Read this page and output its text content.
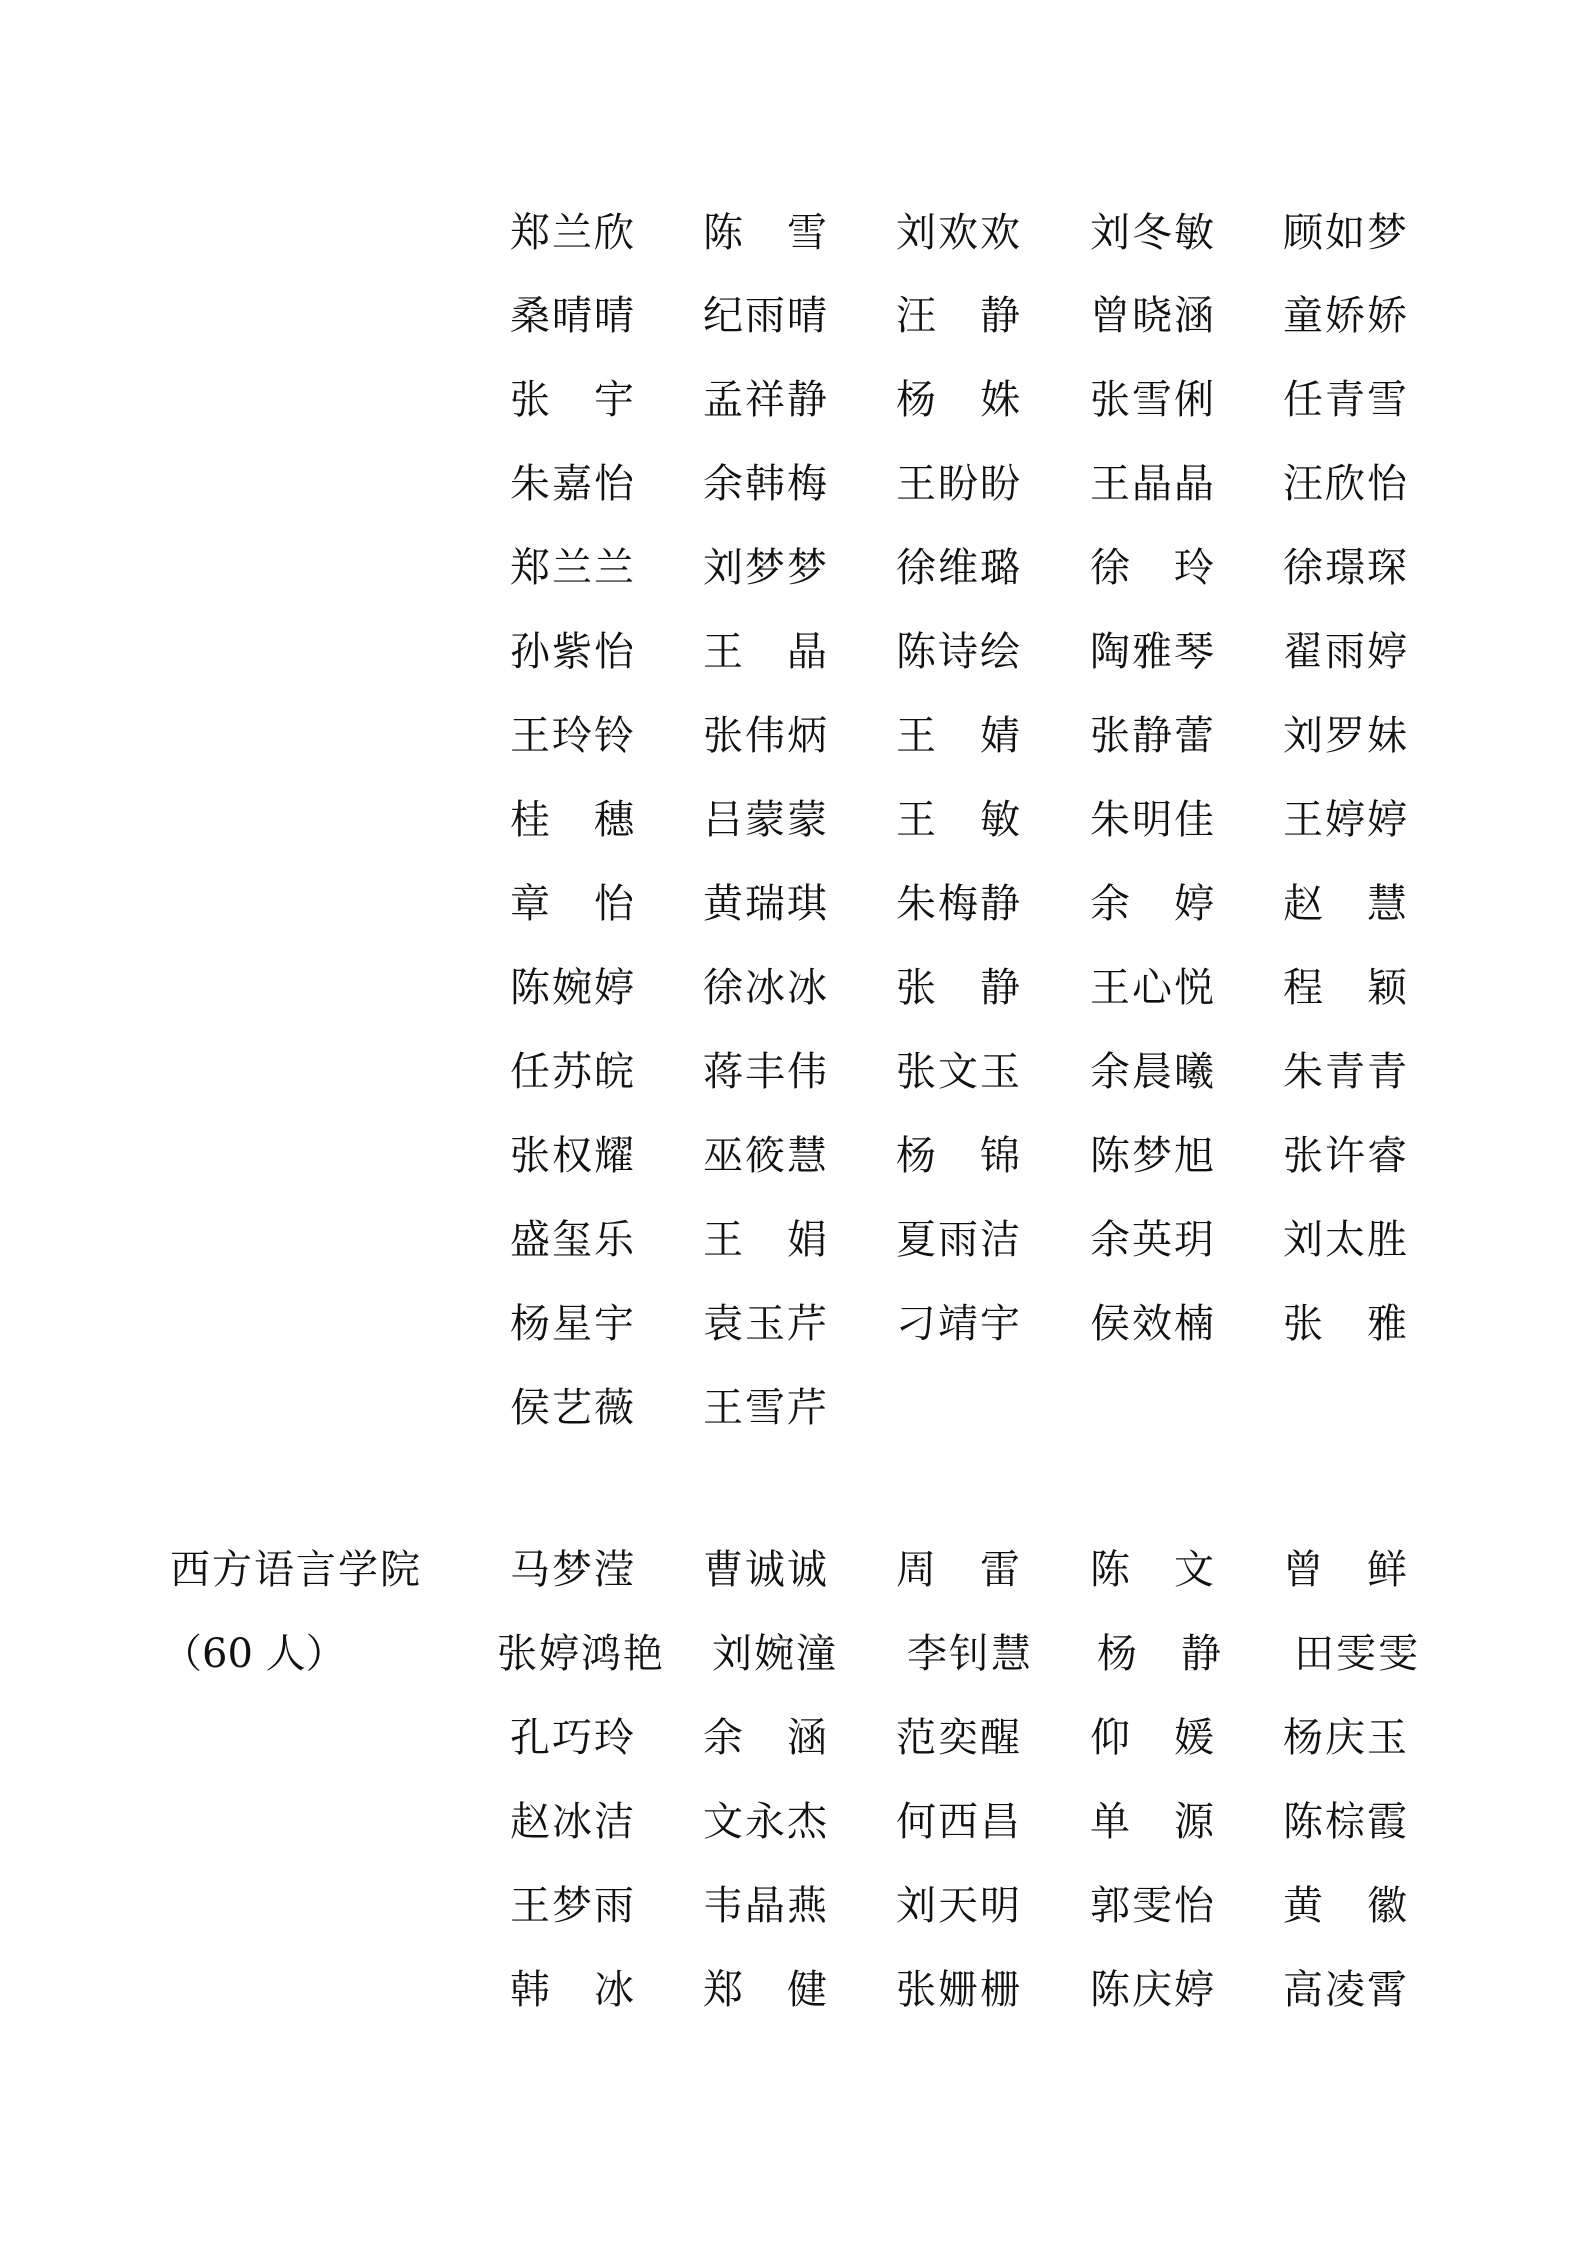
郑兰欣 陈　雪 刘欢欢 刘冬敏 顾如梦
桑晴晴 纪雨晴 汪　静 曾晓涵 童娇娇
张　宇 孟祥静 杨　姝 张雪俐 任青雪
朱嘉怡 余韩梅 王盼盼 王晶晶 汪欣怡
郑兰兰 刘梦梦 徐维璐 徐　玲 徐璟琛
孙紫怡 王　晶 陈诗绘 陶雅琴 翟雨婷
王玲铃 张伟炳 王　婧 张静蕾 刘罗妹
桂　穗 吕蒙蒙 王　敏 朱明佳 王婷婷
章　怡 黄瑞琪 朱梅静 余　婷 赵　慧
陈婉婷 徐冰冰 张　静 王心悦 程　颖
任苏皖 蒋丰伟 张文玉 余晨曦 朱青青
张权耀 巫筱慧 杨　锦 陈梦旭 张许睿
盛玺乐 王　娟 夏雨洁 余英玥 刘太胜
杨星宇 袁玉芹 刁靖宇 侯效楠 张　雅
侯艺薇 王雪芹
西方语言学院
（60 人）
马梦滢 曹诚诚 周　雷 陈　文 曾　鲜
张婷鸿艳 刘婉潼 李钊慧 杨　静 田雯雯
孔巧玲 余　涵 范奕醒 仰　媛 杨庆玉
赵冰洁 文永杰 何西昌 单　源 陈棕霞
王梦雨 韦晶燕 刘天明 郭雯怡 黄　徽
韩　冰 郑　健 张姗栅 陈庆婷 高凌霄
